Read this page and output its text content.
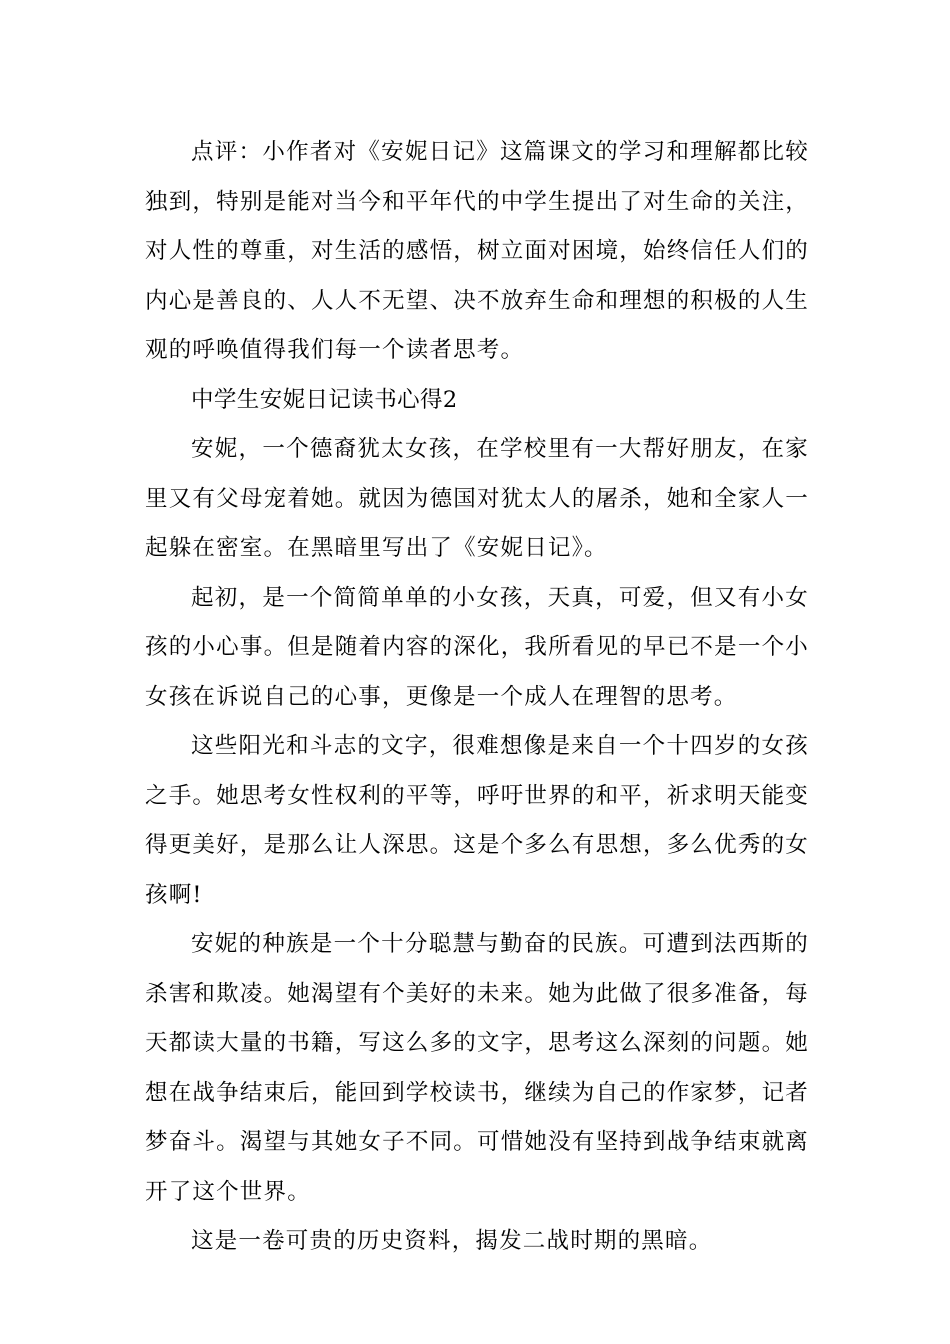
点评：小作者对《安妮日记》这篇课文的学习和理解都比较独到，特别是能对当今和平年代的中学生提出了对生命的关注，对人性的尊重，对生活的感悟，树立面对困境，始终信任人们的内心是善良的、人人不无望、决不放弃生命和理想的积极的人生观的呼唤值得我们每一个读者思考。

中学生安妮日记读书心得2

安妮，一个德裔犹太女孩，在学校里有一大帮好朋友，在家里又有父母宠着她。就因为德国对犹太人的屠杀，她和全家人一起躲在密室。在黑暗里写出了《安妮日记》。

起初，是一个简简单单的小女孩，天真，可爱，但又有小女孩的小心事。但是随着内容的深化，我所看见的早已不是一个小女孩在诉说自己的心事，更像是一个成人在理智的思考。

这些阳光和斗志的文字，很难想像是来自一个十四岁的女孩之手。她思考女性权利的平等，呼吁世界的和平，祈求明天能变得更美好，是那么让人深思。这是个多么有思想，多么优秀的女孩啊!

安妮的种族是一个十分聪慧与勤奋的民族。可遭到法西斯的杀害和欺凌。她渴望有个美好的未来。她为此做了很多准备，每天都读大量的书籍，写这么多的文字，思考这么深刻的问题。她想在战争结束后，能回到学校读书，继续为自己的作家梦，记者梦奋斗。渴望与其她女子不同。可惜她没有坚持到战争结束就离开了这个世界。

这是一卷可贵的历史资料，揭发二战时期的黑暗。
